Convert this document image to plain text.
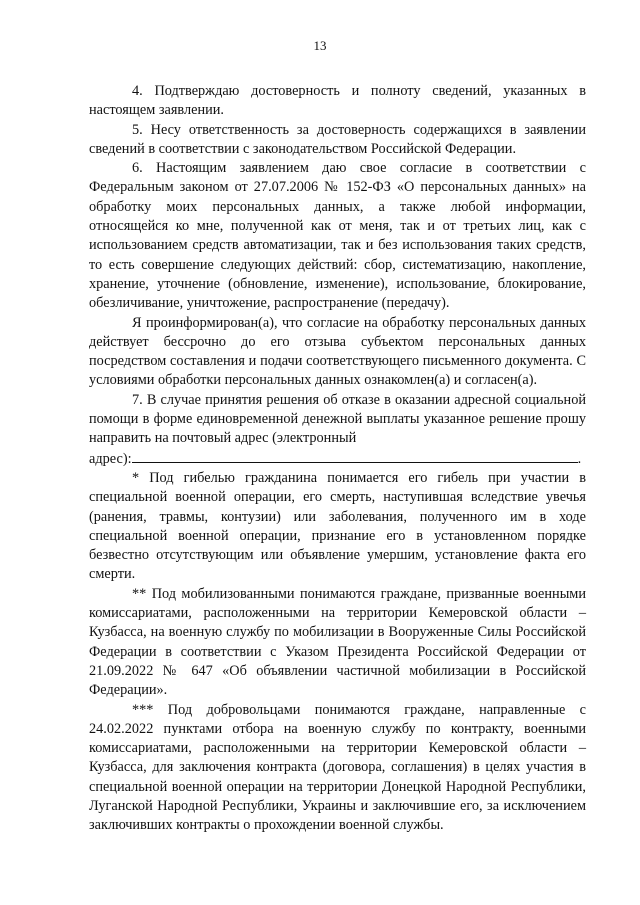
13

4. Подтверждаю достоверность и полноту сведений, указанных в настоящем заявлении.

5. Несу ответственность за достоверность содержащихся в заявлении сведений в соответствии с законодательством Российской Федерации.

6. Настоящим заявлением даю свое согласие в соответствии с Федеральным законом от 27.07.2006 № 152-ФЗ «О персональных данных» на обработку моих персональных данных, а также любой информации, относящейся ко мне, полученной как от меня, так и от третьих лиц, как с использованием средств автоматизации, так и без использования таких средств, то есть совершение следующих действий: сбор, систематизацию, накопление, хранение, уточнение (обновление, изменение), использование, блокирование, обезличивание, уничтожение, распространение (передачу).

Я проинформирован(а), что согласие на обработку персональных данных действует бессрочно до его отзыва субъектом персональных данных посредством составления и подачи соответствующего письменного документа. С условиями обработки персональных данных ознакомлен(а) и согласен(а).

7. В случае принятия решения об отказе в оказании адресной социальной помощи в форме единовременной денежной выплаты указанное решение прошу направить на почтовый адрес (электронный

адрес):	.

* Под гибелью гражданина понимается его гибель при участии в специальной военной операции, его смерть, наступившая вследствие увечья (ранения, травмы, контузии) или заболевания, полученного им в ходе специальной военной операции, признание его в установленном порядке безвестно отсутствующим или объявление умершим, установление факта его смерти.

** Под мобилизованными понимаются граждане, призванные военными комиссариатами, расположенными на территории Кемеровской области – Кузбасса, на военную службу по мобилизации в Вооруженные Силы Российской Федерации в соответствии с Указом Президента Российской Федерации от 21.09.2022 № 647 «Об объявлении частичной мобилизации в Российской Федерации».

*** Под добровольцами понимаются граждане, направленные с 24.02.2022 пунктами отбора на военную службу по контракту, военными комиссариатами, расположенными на территории Кемеровской области – Кузбасса, для заключения контракта (договора, соглашения) в целях участия в специальной военной операции на территории Донецкой Народной Республики, Луганской Народной Республики, Украины и заключившие его, за исключением заключивших контракты о прохождении военной службы.
